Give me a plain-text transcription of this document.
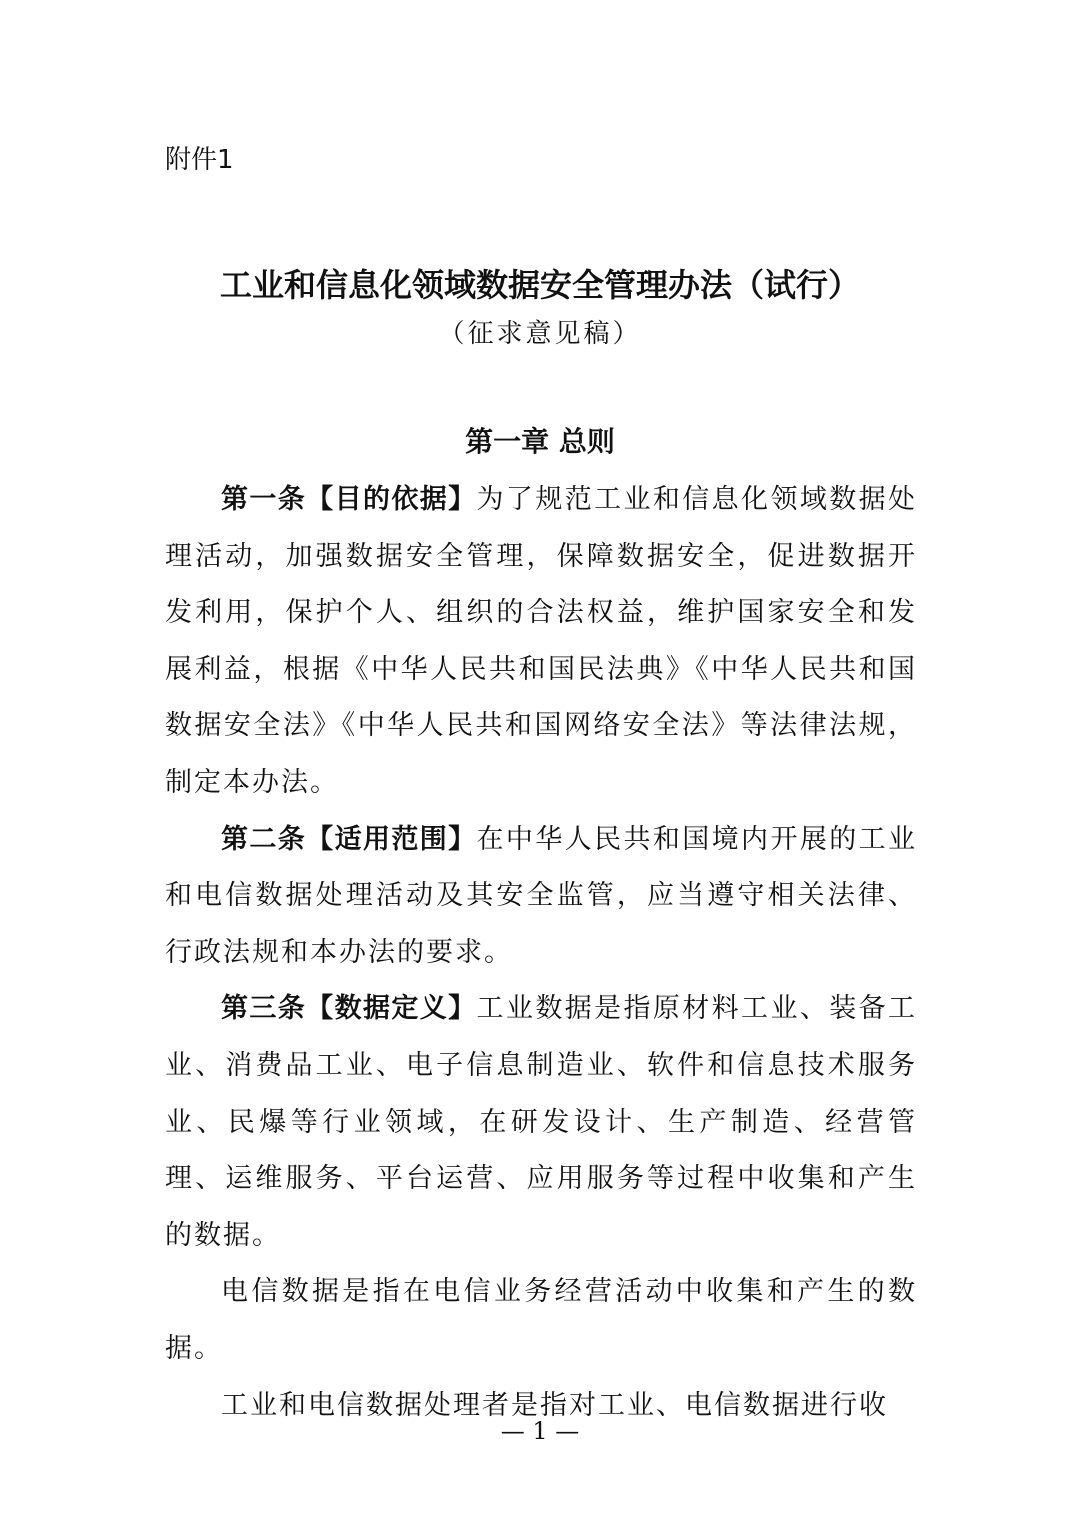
附件1

工业和信息化领域数据安全管理办法（试行）

（征求意见稿）

第一章 总则

第一条【目的依据】为了规范工业和信息化领域数据处理活动，加强数据安全管理，保障数据安全，促进数据开发利用，保护个人、组织的合法权益，维护国家安全和发展利益，根据《中华人民共和国民法典》《中华人民共和国数据安全法》《中华人民共和国网络安全法》等法律法规，制定本办法。

第二条【适用范围】在中华人民共和国境内开展的工业和电信数据处理活动及其安全监管，应当遵守相关法律、行政法规和本办法的要求。

第三条【数据定义】工业数据是指原材料工业、装备工业、消费品工业、电子信息制造业、软件和信息技术服务业、民爆等行业领域，在研发设计、生产制造、经营管理、运维服务、平台运营、应用服务等过程中收集和产生的数据。

电信数据是指在电信业务经营活动中收集和产生的数据。

工业和电信数据处理者是指对工业、电信数据进行收

— 1 —
